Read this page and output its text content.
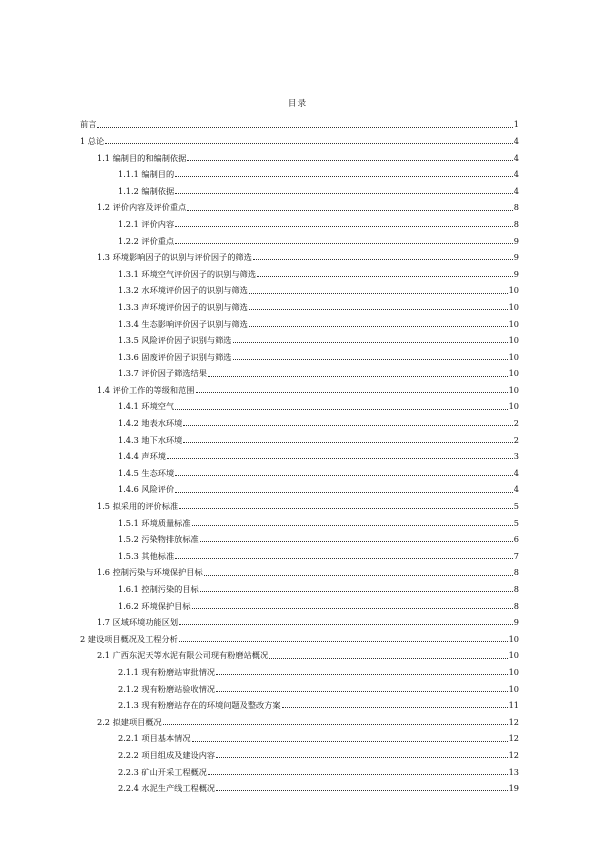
目录
前言	1
1 总论	4
1.1 编制目的和编制依据	4
1.1.1 编制目的	4
1.1.2 编制依据	4
1.2 评价内容及评价重点	8
1.2.1 评价内容	8
1.2.2 评价重点	9
1.3 环境影响因子的识别与评价因子的筛选	9
1.3.1 环境空气评价因子的识别与筛选	9
1.3.2 水环境评价因子的识别与筛选	10
1.3.3 声环境评价因子的识别与筛选	10
1.3.4 生态影响评价因子识别与筛选	10
1.3.5 风险评价因子识别与筛选	10
1.3.6 固废评价因子识别与筛选	10
1.3.7 评价因子筛选结果	10
1.4 评价工作的等级和范围	10
1.4.1 环境空气	10
1.4.2 地表水环境	2
1.4.3 地下水环境	2
1.4.4 声环境	3
1.4.5 生态环境	4
1.4.6 风险评价	4
1.5 拟采用的评价标准	5
1.5.1 环境质量标准	5
1.5.2 污染物排放标准	6
1.5.3 其他标准	7
1.6 控制污染与环境保护目标	8
1.6.1 控制污染的目标	8
1.6.2 环境保护目标	8
1.7 区域环境功能区划	9
2 建设项目概况及工程分析	10
2.1 广西东泥天等水泥有限公司现有粉磨站概况	10
2.1.1 现有粉磨站审批情况	10
2.1.2 现有粉磨站验收情况	10
2.1.3 现有粉磨站存在的环境问题及整改方案	11
2.2 拟建项目概况	12
2.2.1 项目基本情况	12
2.2.2 项目组成及建设内容	12
2.2.3 矿山开采工程概况	13
2.2.4 水泥生产线工程概况	19
